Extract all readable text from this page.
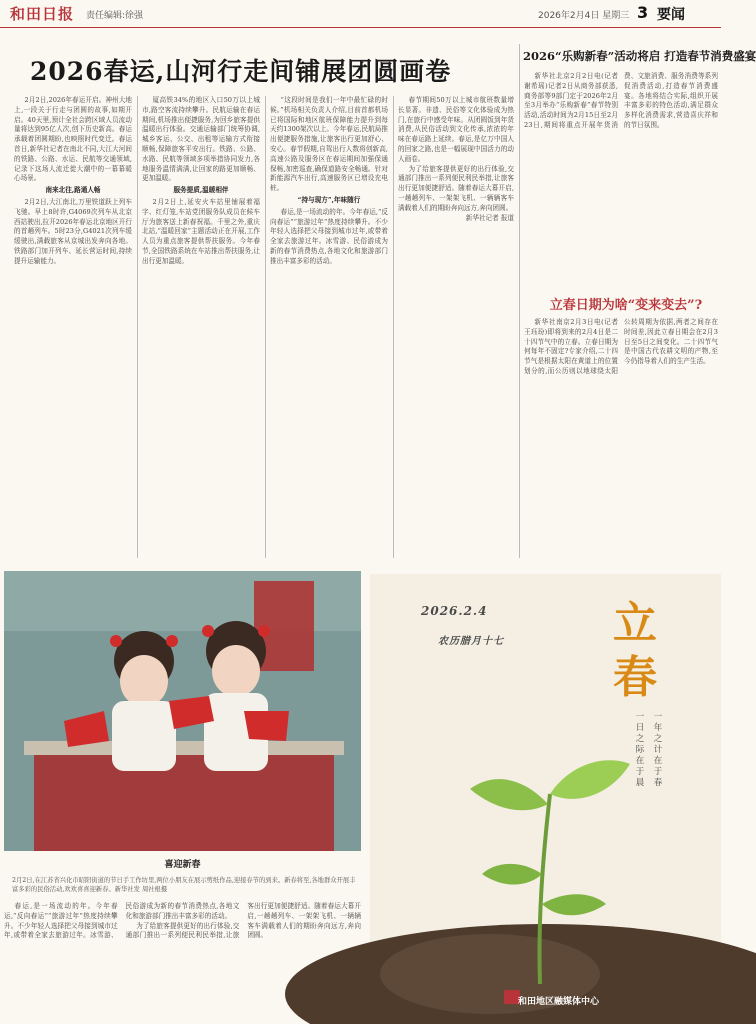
和田日报 责任编辑:徐强	2026年2月4日 星期三 3 要闻
2026春运,山河行走间铺展团圆画卷

2月2日,2026年春运开启。神州大地上,一段关于行走与团圆的故事,如期开启。40天里,预计全社会跨区域人员流动量将达到95亿人次,创下历史新高。春运承载着团圆期盼,也映照时代变迁。春运首日,新华社记者在南北不同,大江大河间的铁路、公路、水运、民航等交通领域,记录下这场人流迁徙大潮中的一幕幕暖心场景。

南来北往,路通人畅

2月2日,大江南北,万里铁道跃上列车飞驰。早上8时许,G4069次列车从北京西站驶出,拉开2026年春运北京地区开行的首趟列车。5时23分,G4021次列车缓缓驶出,满载旅客从京城出发奔向各地。铁路部门加开列车、延长营运时间,持续提升运输能力。

厦高铁34%的地区入口50万以上城市,路空客流持续攀升。民航运输在春运期间,机场推出便捷服务,为回乡旅客提供温暖出行体验。交通运输部门统筹协调,城乡客运、公交、出租等运输方式衔接顺畅,保障旅客平安出行。铁路、公路、水路、民航等领域多项举措协同发力,各地服务温情满满,让回家的路更加顺畅、更加温暖。

服务提质,温暖相伴

2月2日上,延安火车站里铺展着福字、红灯笼,车站党团服务队成员在候车厅为旅客送上新春祝福。千里之外,重庆北站,“温暖回家”主题活动正在开展,工作人员为重点旅客提供帮扶服务。今年春节,全国铁路系统在车站推出帮扶服务,让出行更加温暖。

“这段时间是我们一年中最忙碌的时候。”机场相关负责人介绍,目前首都机场已将国际和地区航班保障能力提升到每天约1300架次以上。今年春运,民航局推出便捷服务措施,让旅客出行更加舒心、安心。春节假期,自驾出行人数将创新高,高速公路及服务区在春运期间加强保通保畅,加密巡查,确保道路安全畅通。针对新能源汽车出行,高速服务区已增设充电桩。

“持与现方”,年味随行

春运,是一场流动的年。今年春运,“反向春运”“旅游过年”热度持续攀升。不少年轻人选择把父母接到城市过年,或带着全家去旅游过年。冰雪游、民俗游成为新的春节消费热点,各地文化和旅游部门推出丰富多彩的活动。

春节期间50万以上城市航班数量增长显著。非遗、民俗等文化体验成为热门,在旅行中感受年味。从团圆饭到年货消费,从民俗活动到文化传承,浓浓的年味在春运路上延续。春运,是亿万中国人的回家之路,也是一幅展现中国活力的动人画卷。

为了给旅客提供更好的出行体验,交通部门推出一系列便民利民举措,让旅客出行更加便捷舒适。随着春运大幕开启,一趟趟列车、一架架飞机、一辆辆客车满载着人们的期盼奔向远方,奔向团圆。

新华社记者 报道

2026“乐购新春”活动将启 打造春节消费盛宴

新华社北京2月2日电(记者 谢希瑶)记者2日从商务部获悉,商务部等9部门定于2026年2月至3月举办“乐购新春”春节特别活动,活动时间为2月15日至2月23日,期间将重点开展年货消费、文旅消费、服务消费等系列促消费活动,打造春节消费盛宴。各地将结合实际,组织开展丰富多彩的特色活动,满足群众多样化消费需求,营造喜庆祥和的节日氛围。

立春日期为啥“变来变去”?

新华社南京2月3日电(记者 王珏玢)即将到来的2月4日是二十四节气中的立春。立春日期为何每年不固定?专家介绍,二十四节气是根据太阳在黄道上的位置划分的,而公历则以地球绕太阳公转周期为依据,两者之间存在时间差,因此立春日期会在2月3日至5日之间变化。二十四节气是中国古代农耕文明的产物,至今仍指导着人们的生产生活。

喜迎新春
2月2日,在江苏省兴化市昭阳街道的节日手工作坊里,两位小朋友在展示剪纸作品,迎接春节的到来。新春将至,各地群众开展丰富多彩的民俗活动,欢欢喜喜迎新春。新华社发 周社根摄
2026.2.4
农历腊月十七 立春
一年之计在于春
一日之际在于晨
和田地区融媒体中心

春运,是一场流动的年。今年春运,“反向春运”“旅游过年”热度持续攀升。不少年轻人选择把父母接到城市过年,或带着全家去旅游过年。冰雪游、民俗游成为新的春节消费热点,各地文化和旅游部门推出丰富多彩的活动。

为了给旅客提供更好的出行体验,交通部门推出一系列便民利民举措,让旅客出行更加便捷舒适。随着春运大幕开启,一趟趟列车、一架架飞机、一辆辆客车满载着人们的期盼奔向远方,奔向团圆。
